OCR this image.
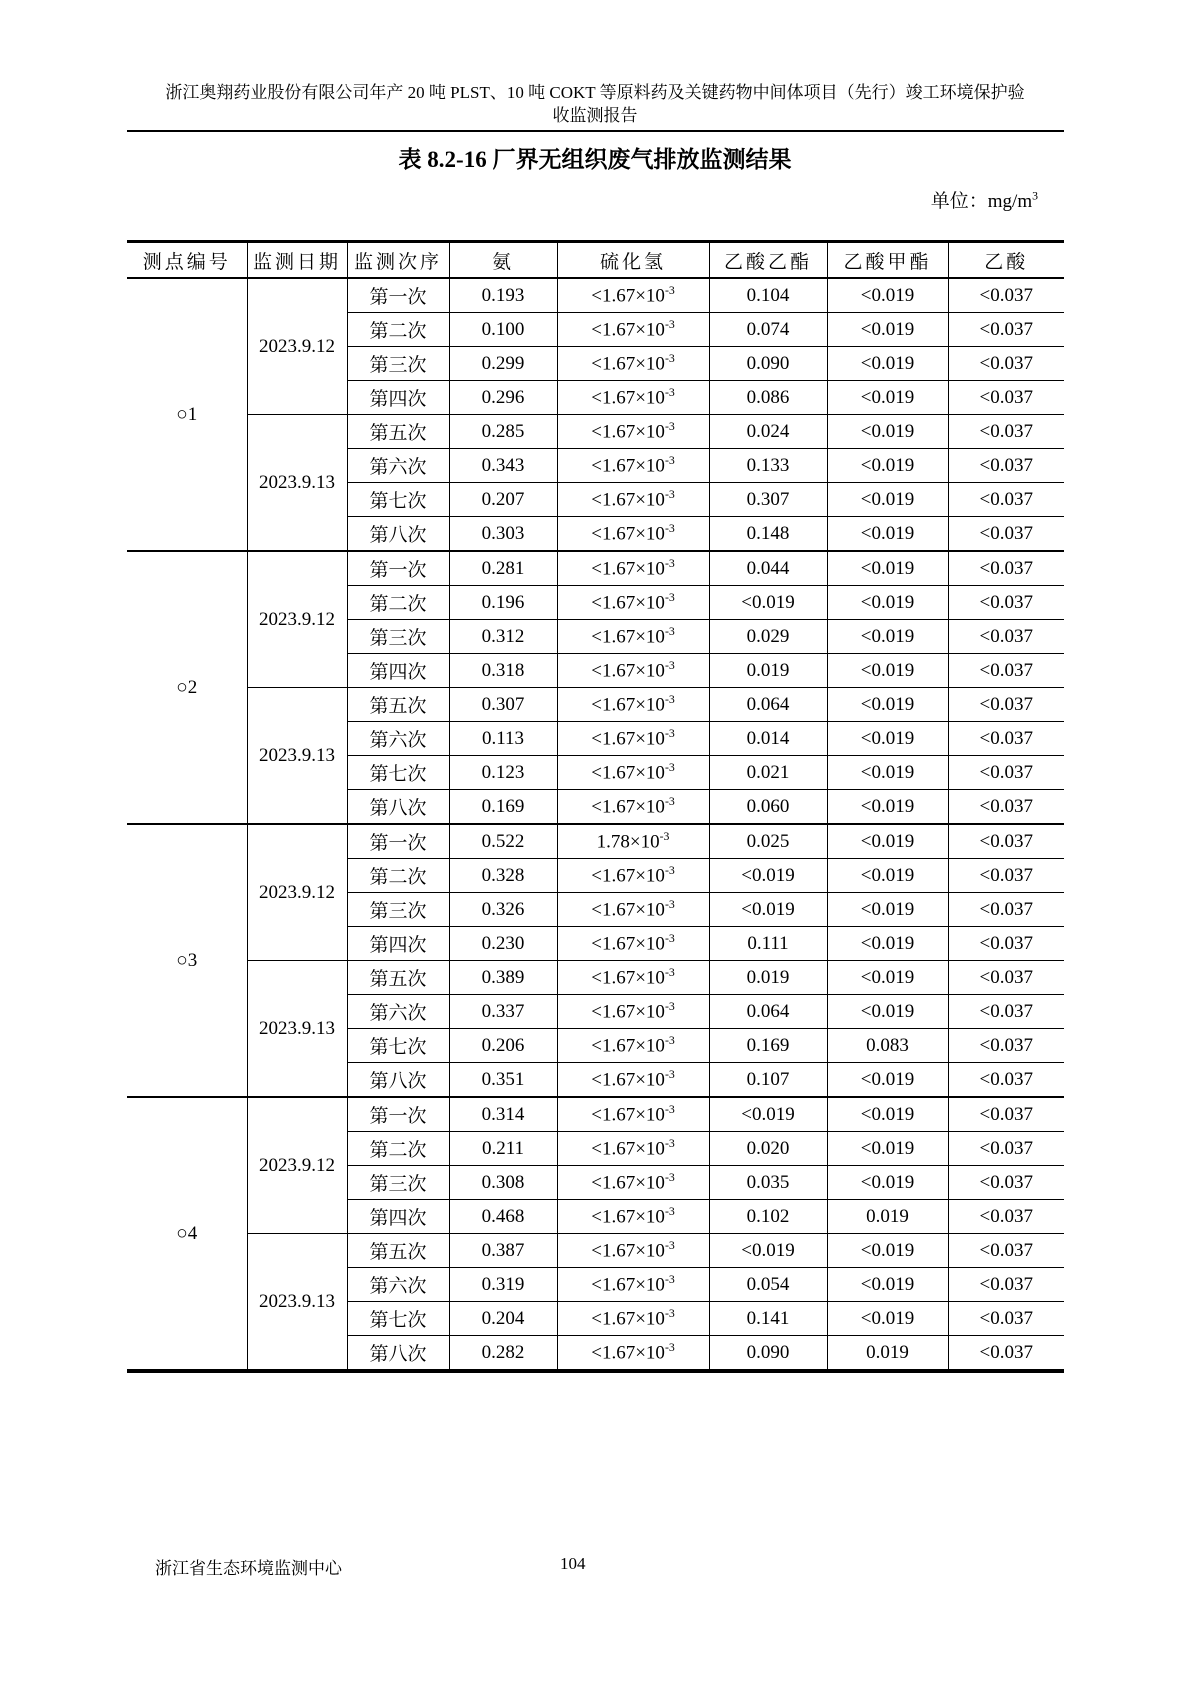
浙江奥翔药业股份有限公司年产 20 吨 PLST、10 吨 COKT 等原料药及关键药物中间体项目（先行）竣工环境保护验
收监测报告
表 8.2-16 厂界无组织废气排放监测结果
单位：$mg/m^3$
测点编号	监测日期	监测次序	氨	硫化氢	乙酸乙酯	乙酸甲酯	乙酸
○1	2023.9.12	第一次	0.193	$<1.67\times 10^{-3}$	0.104	<0.019	<0.037
		第二次	0.100	$<1.67\times 10^{-3}$	0.074	<0.019	<0.037
		第三次	0.299	$<1.67\times 10^{-3}$	0.090	<0.019	<0.037
		第四次	0.296	$<1.67\times 10^{-3}$	0.086	<0.019	<0.037
	2023.9.13	第五次	0.285	$<1.67\times 10^{-3}$	0.024	<0.019	<0.037
		第六次	0.343	$<1.67\times 10^{-3}$	0.133	<0.019	<0.037
		第七次	0.207	$<1.67\times 10^{-3}$	0.307	<0.019	<0.037
		第八次	0.303	$<1.67\times 10^{-3}$	0.148	<0.019	<0.037
○2	2023.9.12	第一次	0.281	$<1.67\times 10^{-3}$	0.044	<0.019	<0.037
		第二次	0.196	$<1.67\times 10^{-3}$	<0.019	<0.019	<0.037
		第三次	0.312	$<1.67\times 10^{-3}$	0.029	<0.019	<0.037
		第四次	0.318	$<1.67\times 10^{-3}$	0.019	<0.019	<0.037
	2023.9.13	第五次	0.307	$<1.67\times 10^{-3}$	0.064	<0.019	<0.037
		第六次	0.113	$<1.67\times 10^{-3}$	0.014	<0.019	<0.037
		第七次	0.123	$<1.67\times 10^{-3}$	0.021	<0.019	<0.037
		第八次	0.169	$<1.67\times 10^{-3}$	0.060	<0.019	<0.037
○3	2023.9.12	第一次	0.522	$1.78\times 10^{-3}$	0.025	<0.019	<0.037
		第二次	0.328	$<1.67\times 10^{-3}$	<0.019	<0.019	<0.037
		第三次	0.326	$<1.67\times 10^{-3}$	<0.019	<0.019	<0.037
		第四次	0.230	$<1.67\times 10^{-3}$	0.111	<0.019	<0.037
	2023.9.13	第五次	0.389	$<1.67\times 10^{-3}$	0.019	<0.019	<0.037
		第六次	0.337	$<1.67\times 10^{-3}$	0.064	<0.019	<0.037
		第七次	0.206	$<1.67\times 10^{-3}$	0.169	0.083	<0.037
		第八次	0.351	$<1.67\times 10^{-3}$	0.107	<0.019	<0.037
○4	2023.9.12	第一次	0.314	$<1.67\times 10^{-3}$	<0.019	<0.019	<0.037
		第二次	0.211	$<1.67\times 10^{-3}$	0.020	<0.019	<0.037
		第三次	0.308	$<1.67\times 10^{-3}$	0.035	<0.019	<0.037
		第四次	0.468	$<1.67\times 10^{-3}$	0.102	0.019	<0.037
	2023.9.13	第五次	0.387	$<1.67\times 10^{-3}$	<0.019	<0.019	<0.037
		第六次	0.319	$<1.67\times 10^{-3}$	0.054	<0.019	<0.037
		第七次	0.204	$<1.67\times 10^{-3}$	0.141	<0.019	<0.037
		第八次	0.282	$<1.67\times 10^{-3}$	0.090	0.019	<0.037
浙江省生态环境监测中心	104
